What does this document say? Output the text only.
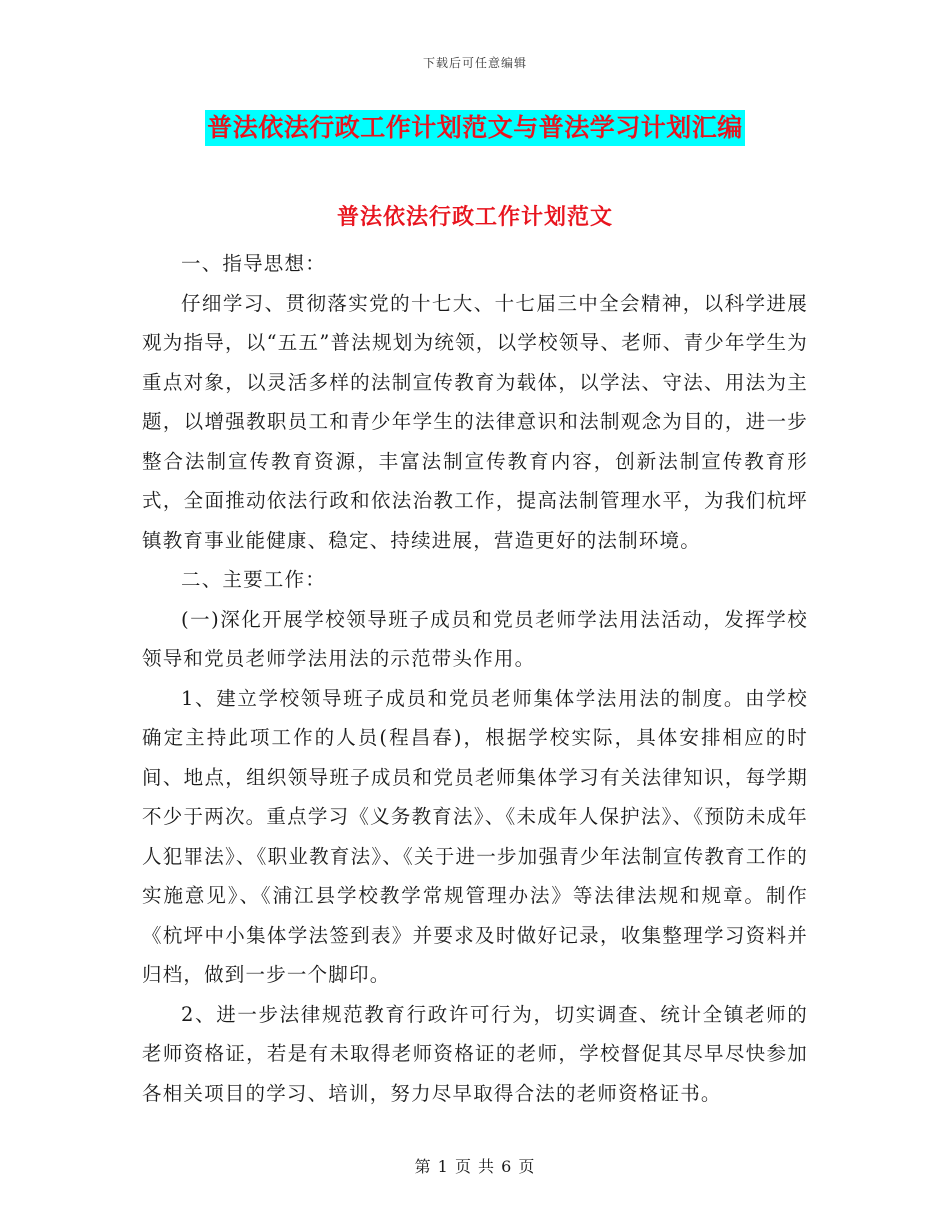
下载后可任意编辑
普法依法行政工作计划范文与普法学习计划汇编
普法依法行政工作计划范文

一、指导思想：

仔细学习、贯彻落实党的十七大、十七届三中全会精神，以科学进展观为指导，以“五五”普法规划为统领，以学校领导、老师、青少年学生为重点对象，以灵活多样的法制宣传教育为载体，以学法、守法、用法为主题，以增强教职员工和青少年学生的法律意识和法制观念为目的，进一步整合法制宣传教育资源，丰富法制宣传教育内容，创新法制宣传教育形式，全面推动依法行政和依法治教工作，提高法制管理水平，为我们杭坪镇教育事业能健康、稳定、持续进展，营造更好的法制环境。

二、主要工作：

(一)深化开展学校领导班子成员和党员老师学法用法活动，发挥学校领导和党员老师学法用法的示范带头作用。

1、建立学校领导班子成员和党员老师集体学法用法的制度。由学校确定主持此项工作的人员(程昌春)，根据学校实际，具体安排相应的时间、地点，组织领导班子成员和党员老师集体学习有关法律知识，每学期不少于两次。重点学习《义务教育法》、《未成年人保护法》、《预防未成年人犯罪法》、《职业教育法》、《关于进一步加强青少年法制宣传教育工作的实施意见》、《浦江县学校教学常规管理办法》等法律法规和规章。制作《杭坪中小集体学法签到表》并要求及时做好记录，收集整理学习资料并归档，做到一步一个脚印。

2、进一步法律规范教育行政许可行为，切实调查、统计全镇老师的老师资格证，若是有未取得老师资格证的老师，学校督促其尽早尽快参加各相关项目的学习、培训，努力尽早取得合法的老师资格证书。

第 1 页 共 6 页
